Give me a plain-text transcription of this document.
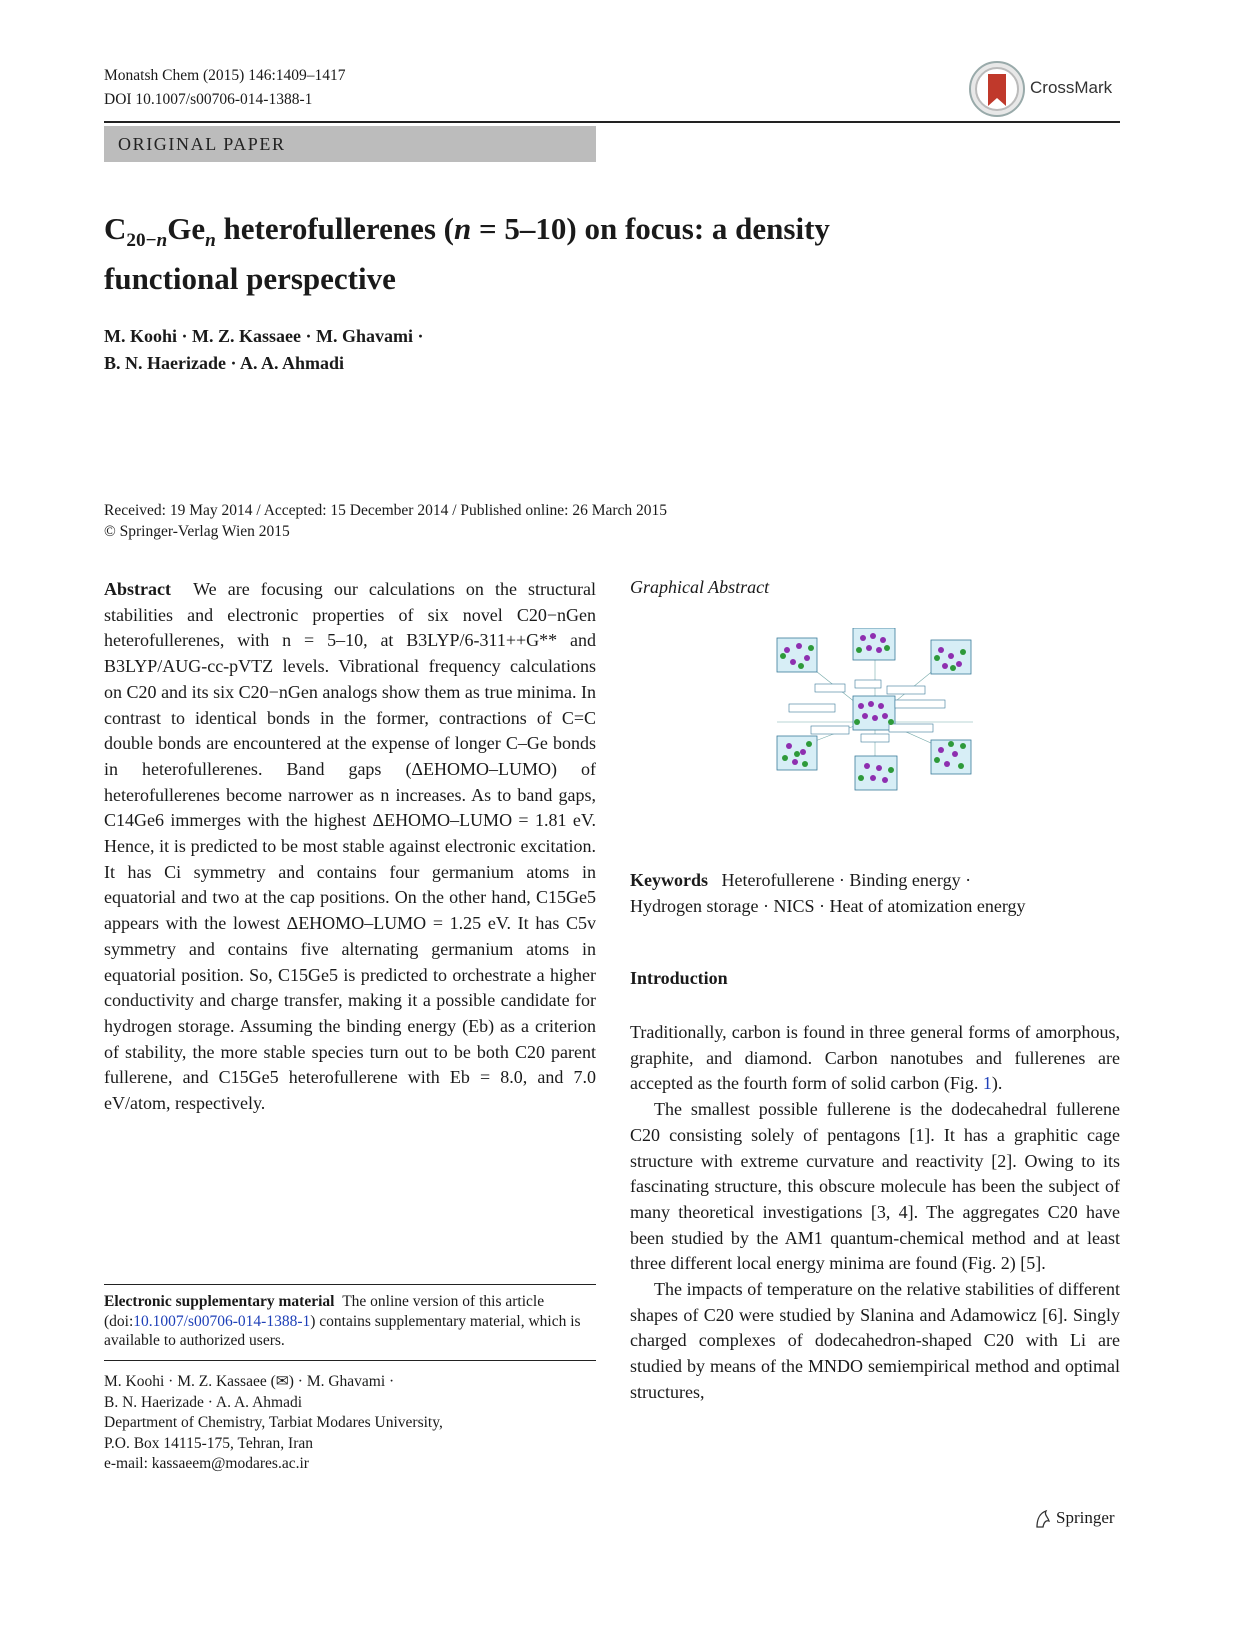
Monatsh Chem (2015) 146:1409–1417
DOI 10.1007/s00706-014-1388-1
CrossMark
ORIGINAL PAPER
$C_{20-n}Ge_n$ heterofullerenes (n = 5–10) on focus: a density
functional perspective
M. Koohi · M. Z. Kassaee · M. Ghavami ·
B. N. Haerizade · A. A. Ahmadi
Received: 19 May 2014 / Accepted: 15 December 2014 / Published online: 26 March 2015
© Springer-Verlag Wien 2015
Abstract We are focusing our calculations on the structural stabilities and electronic properties of six novel C20−nGen heterofullerenes, with n = 5–10, at B3LYP/6-311++G** and B3LYP/AUG-cc-pVTZ levels. Vibrational frequency calculations on C20 and its six C20−nGen analogs show them as true minima. In contrast to identical bonds in the former, contractions of C=C double bonds are encountered at the expense of longer C–Ge bonds in heterofullerenes. Band gaps (ΔEHOMO–LUMO) of heterofullerenes become narrower as n increases. As to band gaps, C14Ge6 immerges with the highest ΔEHOMO–LUMO = 1.81 eV. Hence, it is predicted to be most stable against electronic excitation. It has Ci symmetry and contains four germanium atoms in equatorial and two at the cap positions. On the other hand, C15Ge5 appears with the lowest ΔEHOMO–LUMO = 1.25 eV. It has C5v symmetry and contains five alternating germanium atoms in equatorial position. So, C15Ge5 is predicted to orchestrate a higher conductivity and charge transfer, making it a possible candidate for hydrogen storage. Assuming the binding energy (Eb) as a criterion of stability, the more stable species turn out to be both C20 parent fullerene, and C15Ge5 heterofullerene with Eb = 8.0, and 7.0 eV/atom, respectively.
Electronic supplementary material The online version of this article (doi:10.1007/s00706-014-1388-1) contains supplementary material, which is available to authorized users.
M. Koohi · M. Z. Kassaee (✉) · M. Ghavami ·
B. N. Haerizade · A. A. Ahmadi
Department of Chemistry, Tarbiat Modares University,
P.O. Box 14115-175, Tehran, Iran
e-mail: kassaeem@modares.ac.ir
Graphical Abstract
Keywords Heterofullerene · Binding energy ·
Hydrogen storage · NICS · Heat of atomization energy
Introduction

Traditionally, carbon is found in three general forms of amorphous, graphite, and diamond. Carbon nanotubes and fullerenes are accepted as the fourth form of solid carbon (Fig. 1).

The smallest possible fullerene is the dodecahedral fullerene C20 consisting solely of pentagons [1]. It has a graphitic cage structure with extreme curvature and reactivity [2]. Owing to its fascinating structure, this obscure molecule has been the subject of many theoretical investigations [3, 4]. The aggregates C20 have been studied by the AM1 quantum-chemical method and at least three different local energy minima are found (Fig. 2) [5].

The impacts of temperature on the relative stabilities of different shapes of C20 were studied by Slanina and Adamowicz [6]. Singly charged complexes of dodecahedron-shaped C20 with Li are studied by means of the MNDO semiempirical method and optimal structures,

Springer
